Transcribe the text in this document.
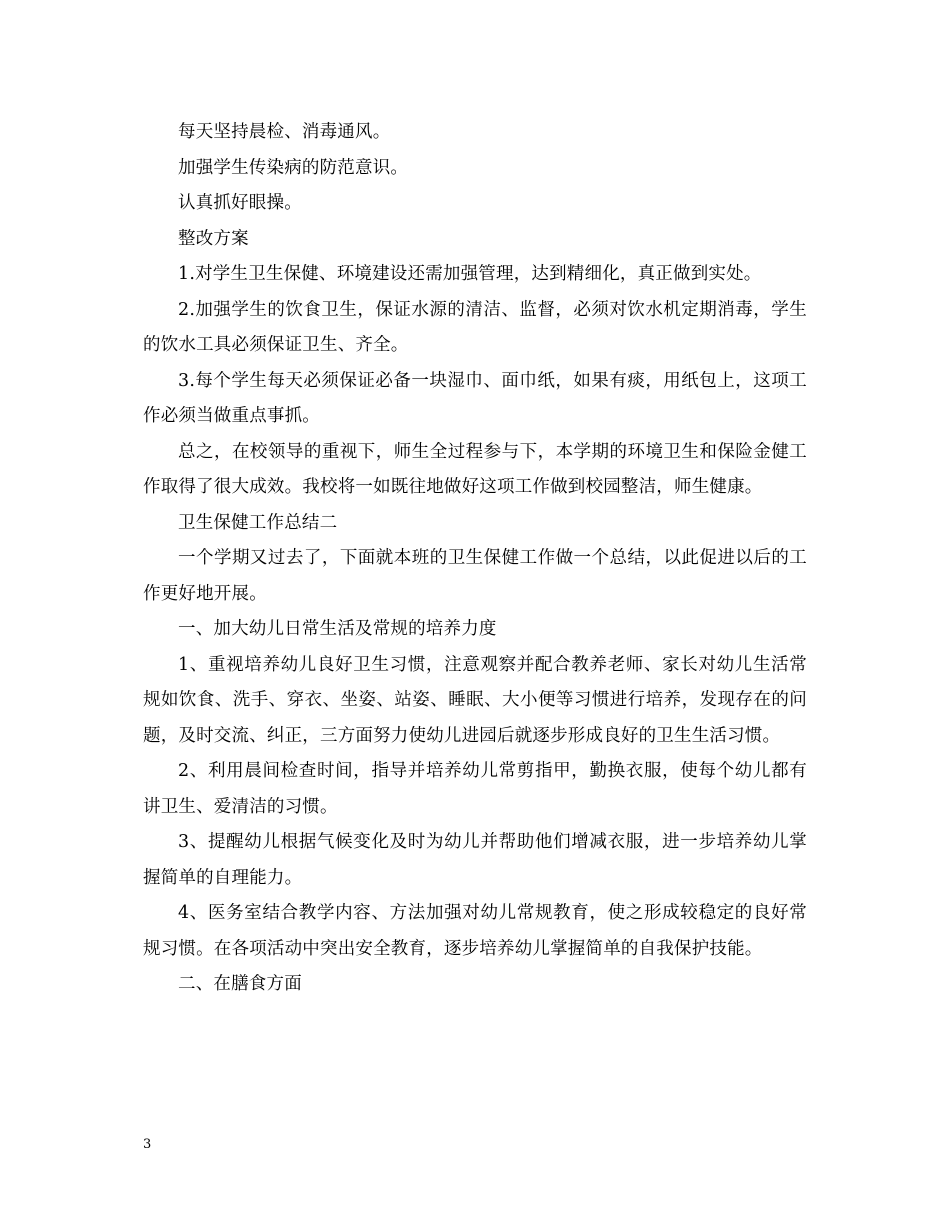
每天坚持晨检、消毒通风。

加强学生传染病的防范意识。

认真抓好眼操。

整改方案

1.对学生卫生保健、环境建设还需加强管理，达到精细化，真正做到实处。

2.加强学生的饮食卫生，保证水源的清洁、监督，必须对饮水机定期消毒，学生的饮水工具必须保证卫生、齐全。

3.每个学生每天必须保证必备一块湿巾、面巾纸，如果有痰，用纸包上，这项工作必须当做重点事抓。

总之，在校领导的重视下，师生全过程参与下，本学期的环境卫生和保险金健工作取得了很大成效。我校将一如既往地做好这项工作做到校园整洁，师生健康。

卫生保健工作总结二

一个学期又过去了，下面就本班的卫生保健工作做一个总结，以此促进以后的工作更好地开展。

一、加大幼儿日常生活及常规的培养力度

1、重视培养幼儿良好卫生习惯，注意观察并配合教养老师、家长对幼儿生活常规如饮食、洗手、穿衣、坐姿、站姿、睡眠、大小便等习惯进行培养，发现存在的问题，及时交流、纠正，三方面努力使幼儿进园后就逐步形成良好的卫生生活习惯。

2、利用晨间检查时间，指导并培养幼儿常剪指甲，勤换衣服，使每个幼儿都有讲卫生、爱清洁的习惯。

3、提醒幼儿根据气候变化及时为幼儿并帮助他们增减衣服，进一步培养幼儿掌握简单的自理能力。

4、医务室结合教学内容、方法加强对幼儿常规教育，使之形成较稳定的良好常规习惯。在各项活动中突出安全教育，逐步培养幼儿掌握简单的自我保护技能。

二、在膳食方面

3
